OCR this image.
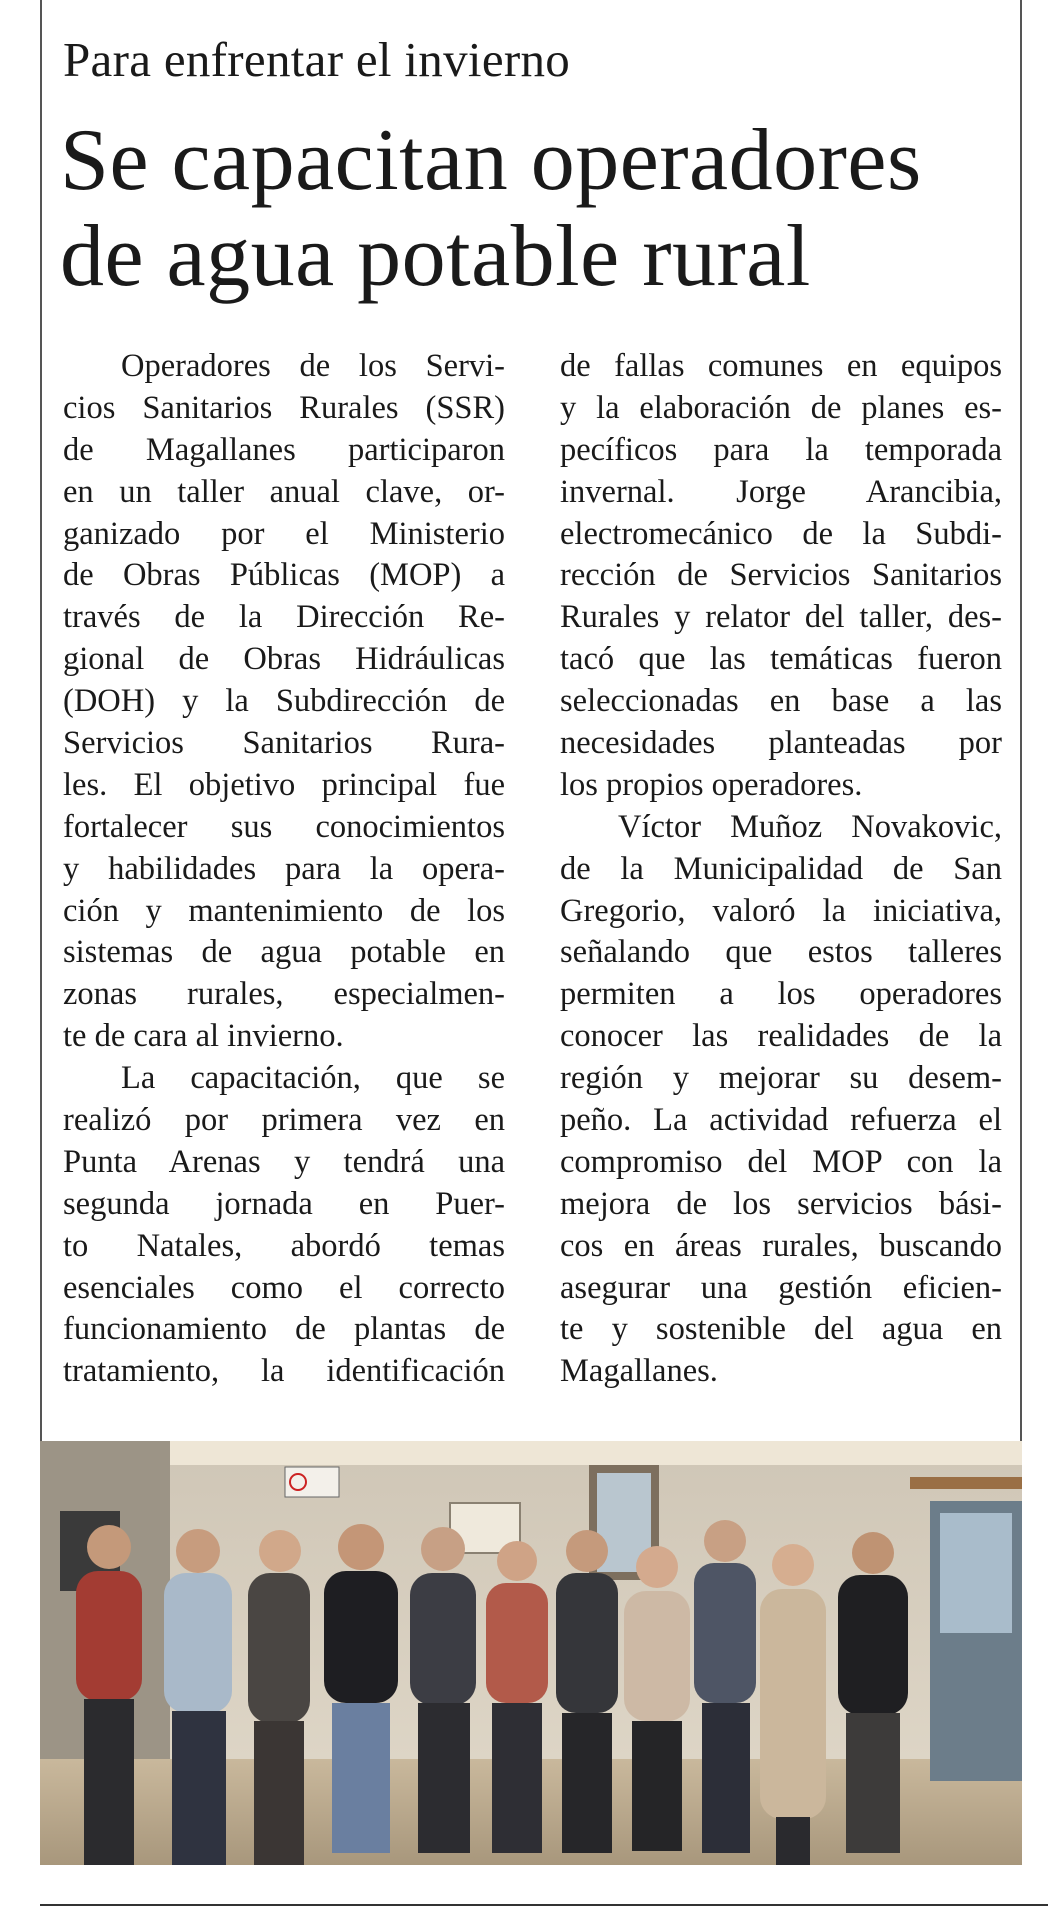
Para enfrentar el invierno
Se capacitan operadores
de agua potable rural
Operadores de los Servi-
cios Sanitarios Rurales (SSR)
de Magallanes participaron
en un taller anual clave, or-
ganizado por el Ministerio
de Obras Públicas (MOP) a
través de la Dirección Re-
gional de Obras Hidráulicas
(DOH) y la Subdirección de
Servicios Sanitarios Rura-
les. El objetivo principal fue
fortalecer sus conocimientos
y habilidades para la opera-
ción y mantenimiento de los
sistemas de agua potable en
zonas rurales, especialmen-
te de cara al invierno.
La capacitación, que se
realizó por primera vez en
Punta Arenas y tendrá una
segunda jornada en Puer-
to Natales, abordó temas
esenciales como el correcto
funcionamiento de plantas de
tratamiento, la identificación
de fallas comunes en equipos
y la elaboración de planes es-
pecíficos para la temporada
invernal. Jorge Arancibia,
electromecánico de la Subdi-
rección de Servicios Sanitarios
Rurales y relator del taller, des-
tacó que las temáticas fueron
seleccionadas en base a las
necesidades planteadas por
los propios operadores.
Víctor Muñoz Novakovic,
de la Municipalidad de San
Gregorio, valoró la iniciativa,
señalando que estos talleres
permiten a los operadores
conocer las realidades de la
región y mejorar su desem-
peño. La actividad refuerza el
compromiso del MOP con la
mejora de los servicios bási-
cos en áreas rurales, buscando
asegurar una gestión eficien-
te y sostenible del agua en
Magallanes.
